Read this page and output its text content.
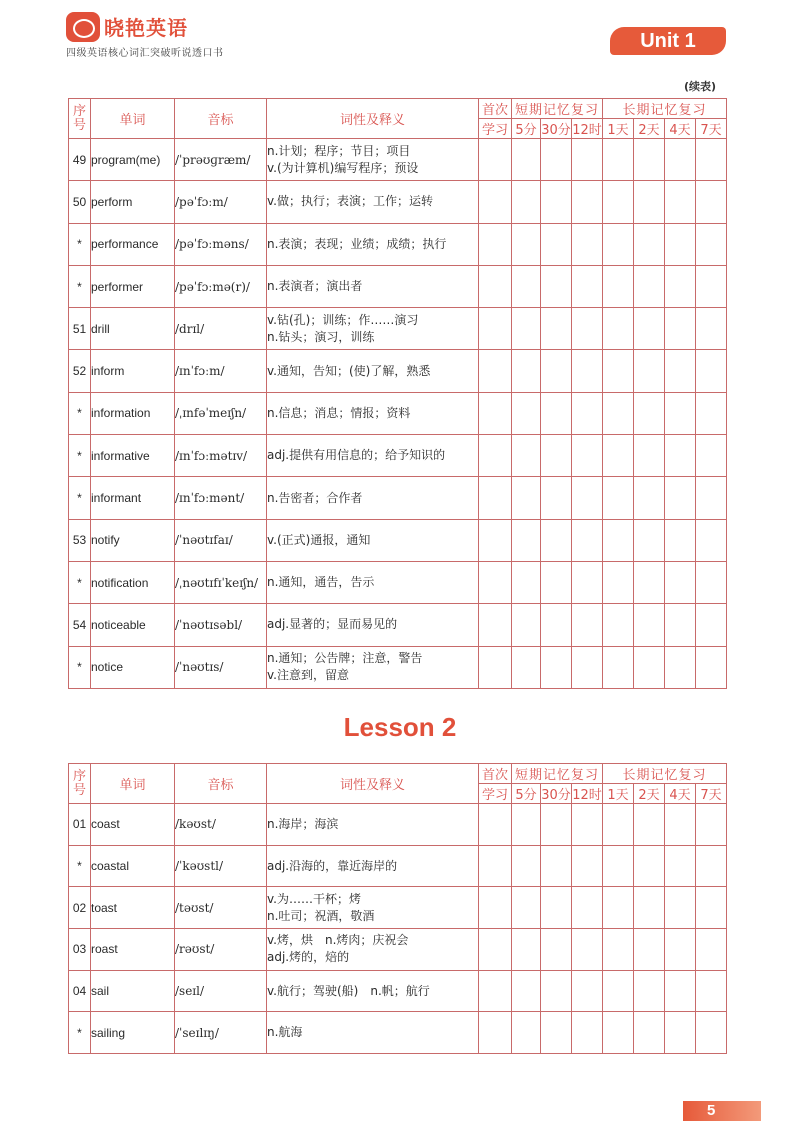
晓艳英语
四级英语核心词汇突破听说透口书
Unit 1
(续表)
序号	单词	音标	词性及释义	首次	短期记忆复习			长期记忆复习			
				学习	5分	30分	12时	1天	2天	4天	7天
49	program(me)	/ˈprəʊɡræm/	n.计划；程序；节目；项目
v.(为计算机)编写程序；预设								

50	perform	/pəˈfɔːm/	v.做；执行；表演；工作；运转								

*	performance	/pəˈfɔːməns/	n.表演；表现；业绩；成绩；执行								

*	performer	/pəˈfɔːmə(r)/	n.表演者；演出者								

51	drill	/drɪl/	v.钻(孔)；训练；作……演习
n.钻头；演习，训练								

52	inform	/ɪnˈfɔːm/	v.通知，告知；(使)了解，熟悉								

*	information	/ˌɪnfəˈmeɪʃn/	n.信息；消息；情报；资料								

*	informative	/ɪnˈfɔːmətɪv/	adj.提供有用信息的；给予知识的								

*	informant	/ɪnˈfɔːmənt/	n.告密者；合作者								

53	notify	/ˈnəʊtɪfaɪ/	v.(正式)通报，通知								

*	notification	/ˌnəʊtɪfɪˈkeɪʃn/	n.通知，通告，告示								

54	noticeable	/ˈnəʊtɪsəbl/	adj.显著的；显而易见的								

*	notice	/ˈnəʊtɪs/	n.通知；公告牌；注意，警告
v.注意到，留意								

Lesson 2
序号	单词	音标	词性及释义	首次	短期记忆复习			长期记忆复习			
				学习	5分	30分	12时	1天	2天	4天	7天
01	coast	/kəʊst/	n.海岸；海滨								

*	coastal	/ˈkəʊstl/	adj.沿海的，靠近海岸的								

02	toast	/təʊst/	v.为……干杯；烤
n.吐司；祝酒，敬酒								

03	roast	/rəʊst/	v.烤，烘　n.烤肉；庆祝会
adj.烤的，焙的								

04	sail	/seɪl/	v.航行；驾驶(船)　n.帆；航行								

*	sailing	/ˈseɪlɪŋ/	n.航海								

5
